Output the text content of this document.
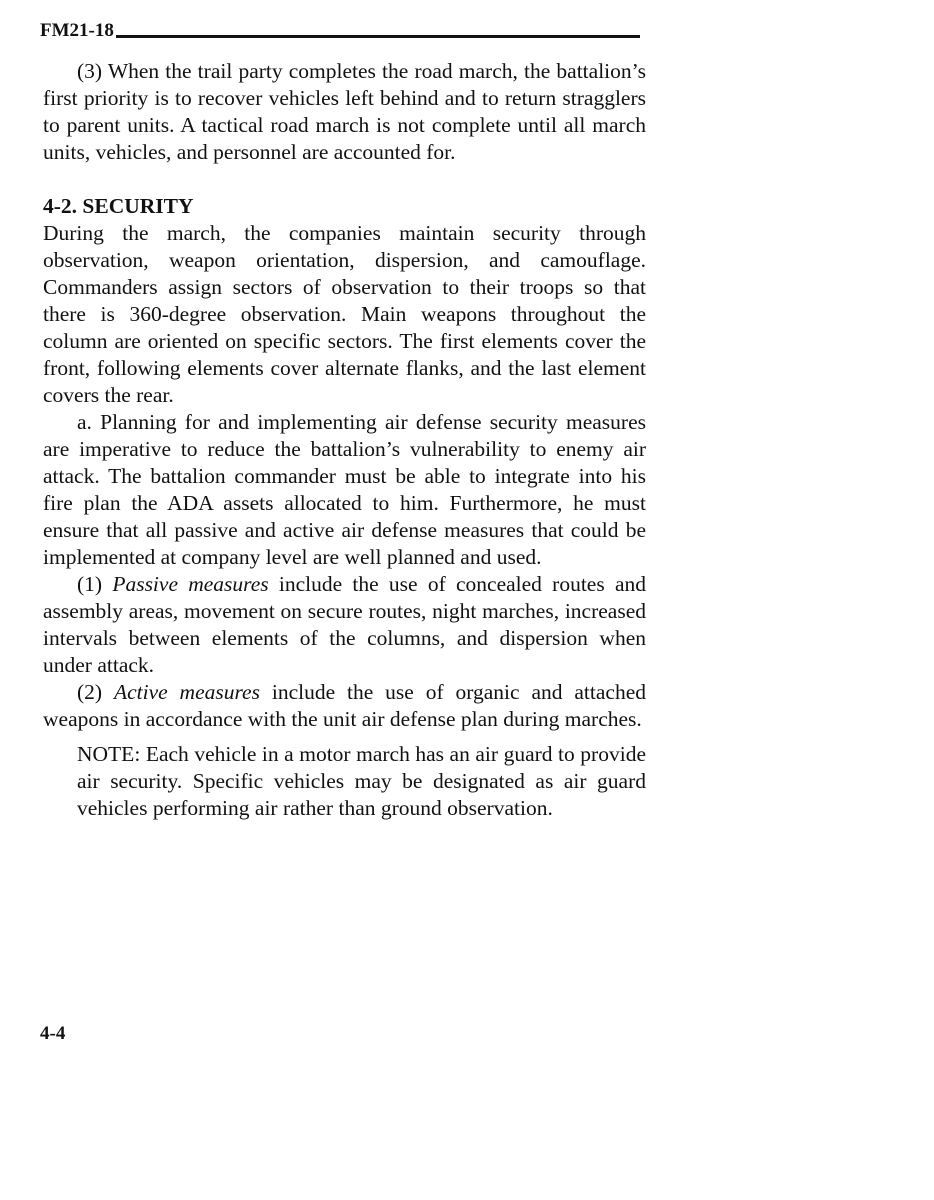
FM21-18

(3) When the trail party completes the road march, the battalion’s first priority is to recover vehicles left behind and to return stragglers to parent units. A tactical road march is not complete until all march units, vehicles, and personnel are accounted for.

4-2. SECURITY

During the march, the companies maintain security through observation, weapon orientation, dispersion, and camouflage. Commanders assign sectors of observation to their troops so that there is 360-degree observation. Main weapons throughout the column are oriented on specific sectors. The first elements cover the front, following elements cover alternate flanks, and the last element covers the rear.

a. Planning for and implementing air defense security measures are imperative to reduce the battalion’s vulnerability to enemy air attack. The battalion commander must be able to integrate into his fire plan the ADA assets allocated to him. Furthermore, he must ensure that all passive and active air defense measures that could be implemented at company level are well planned and used.

(1) Passive measures include the use of concealed routes and assembly areas, movement on secure routes, night marches, increased intervals between elements of the columns, and dispersion when under attack.

(2) Active measures include the use of organic and attached weapons in accordance with the unit air defense plan during marches.

NOTE: Each vehicle in a motor march has an air guard to provide air security. Specific vehicles may be designated as air guard vehicles performing air rather than ground observation.

4-4
